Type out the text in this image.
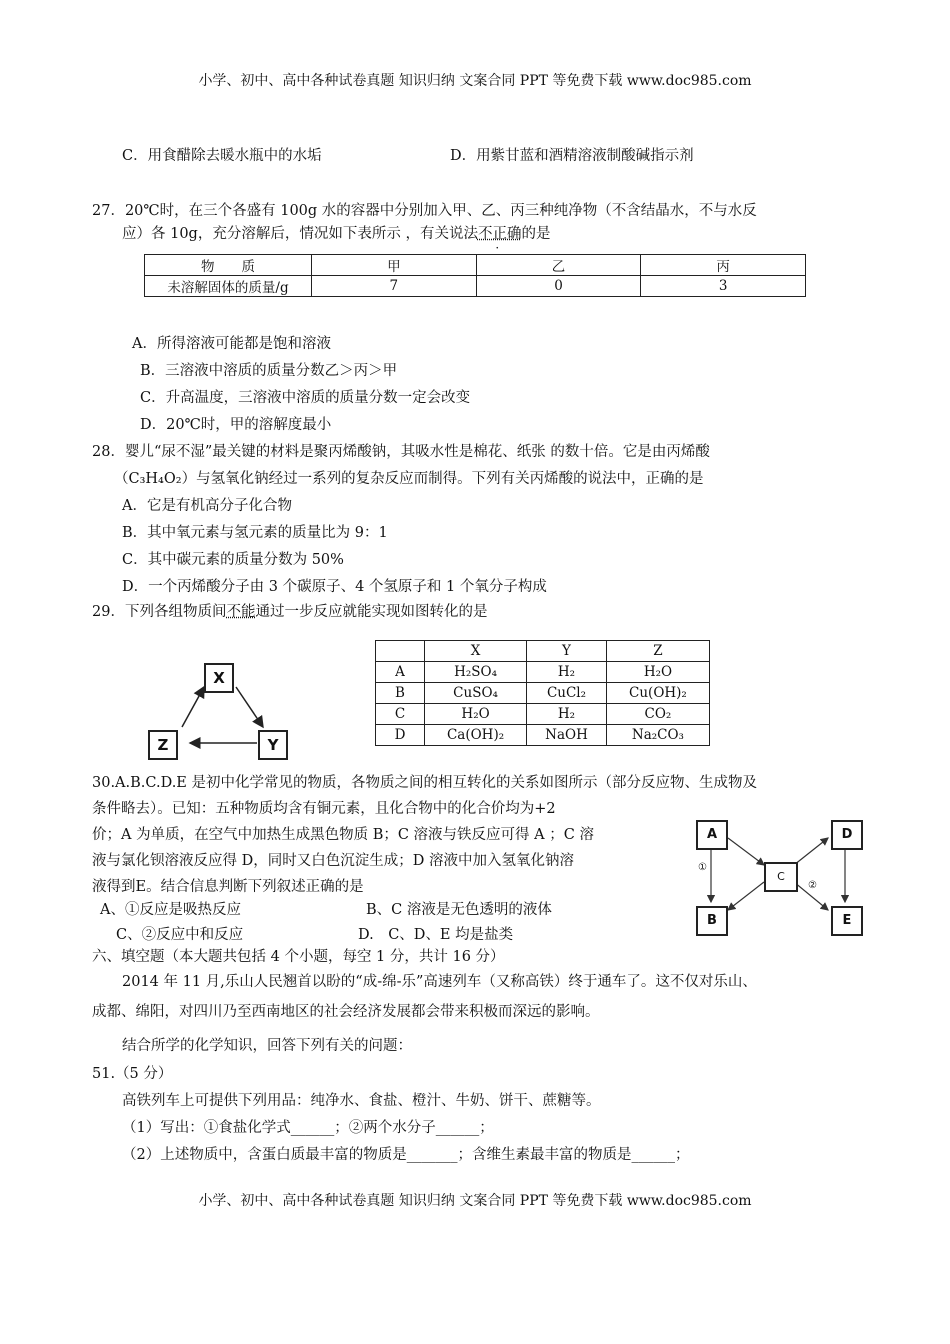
小学、初中、高中各种试卷真题 知识归纳 文案合同 PPT 等免费下载 www.doc985.com
C．用食醋除去暖水瓶中的水垢	D．用紫甘蓝和酒精溶液制酸碱指示剂
27．20℃时，在三个各盛有 100g 水的容器中分别加入甲、乙、丙三种纯净物（不含结晶水，不与水反
应）各 10g，充分溶解后，情况如下表所示 ，有关说法不正确的是
物　　质	甲	乙	丙
未溶解固体的质量/g	7	0	3
A．所得溶液可能都是饱和溶液
B．三溶液中溶质的质量分数乙＞丙＞甲
C．升高温度，三溶液中溶质的质量分数一定会改变
D．20℃时，甲的溶解度最小
28．婴儿“尿不湿”最关键的材料是聚丙烯酸钠，其吸水性是棉花、纸张 的数十倍。它是由丙烯酸
（C₃H₄O₂）与氢氧化钠经过一系列的复杂反应而制得。下列有关丙烯酸的说法中，正确的是
A．它是有机高分子化合物
B．其中氧元素与氢元素的质量比为 9：1
C．其中碳元素的质量分数为 50%
D．一个丙烯酸分子由 3 个碳原子、4 个氢原子和 1 个氧分子构成
29．下列各组物质间不能通过一步反应就能实现如图转化的是
X
Y
Z
	X	Y	Z
A	H₂SO₄	H₂	H₂O
B	CuSO₄	CuCl₂	Cu(OH)₂
C	H₂O	H₂	CO₂
D	Ca(OH)₂	NaOH	Na₂CO₃
30.A.B.C.D.E 是初中化学常见的物质，各物质之间的相互转化的关系如图所示（部分反应物、生成物及
条件略去）。已知：五种物质均含有铜元素，且化合物中的化合价均为+2
价；A 为单质，在空气中加热生成黑色物质 B；C 溶液与铁反应可得 A ；C 溶
液与氯化钡溶液反应得 D，同时又白色沉淀生成；D 溶液中加入氢氧化钠溶
液得到E。结合信息判断下列叙述正确的是
A、①反应是吸热反应	B、C 溶液是无色透明的液体
C、②反应中和反应	D.　C、D、E 均是盐类
A
B
C
D
E
①
②
六、填空题（本大题共包括 4 个小题，每空 1 分，共计 16 分）
2014 年 11 月,乐山人民翘首以盼的“成-绵-乐”高速列车（又称高铁）终于通车了。这不仅对乐山、
成都、绵阳，对四川乃至西南地区的社会经济发展都会带来积极而深远的影响。
结合所学的化学知识，回答下列有关的问题：
51.（5 分）
高铁列车上可提供下列用品：纯净水、食盐、橙汁、牛奶、饼干、蔗糖等。
（1）写出：①食盐化学式______；②两个水分子______；
（2）上述物质中，含蛋白质最丰富的物质是_______；含维生素最丰富的物质是______；
小学、初中、高中各种试卷真题 知识归纳 文案合同 PPT 等免费下载 www.doc985.com
